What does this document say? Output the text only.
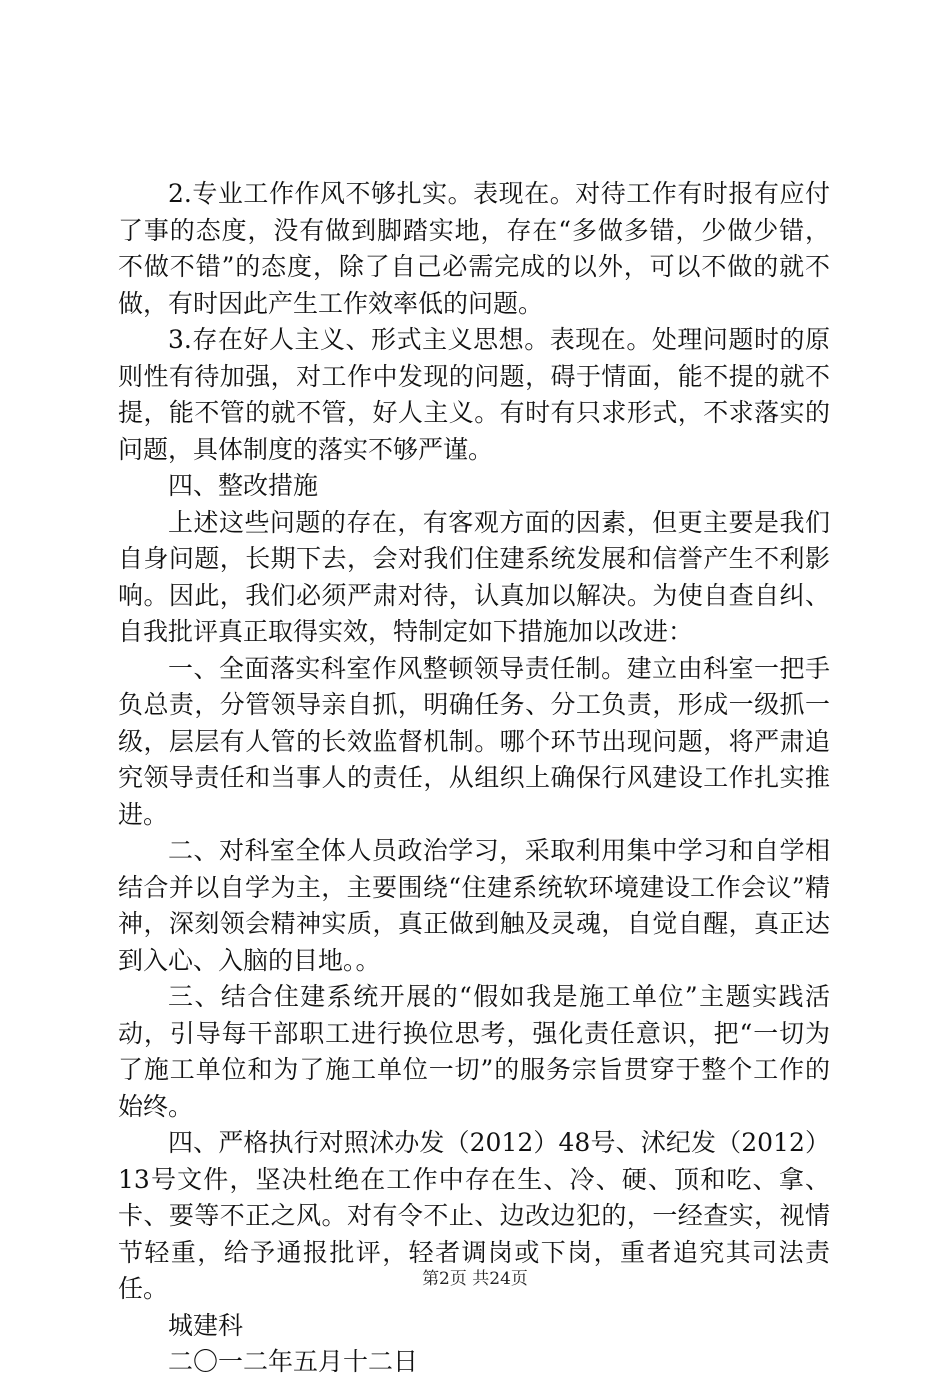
2.专业工作作风不够扎实。表现在。对待工作有时报有应付了事的态度，没有做到脚踏实地，存在“多做多错，少做少错，不做不错”的态度，除了自己必需完成的以外，可以不做的就不做，有时因此产生工作效率低的问题。

3.存在好人主义、形式主义思想。表现在。处理问题时的原则性有待加强，对工作中发现的问题，碍于情面，能不提的就不提，能不管的就不管，好人主义。有时有只求形式，不求落实的问题，具体制度的落实不够严谨。

四、整改措施

上述这些问题的存在，有客观方面的因素，但更主要是我们自身问题，长期下去，会对我们住建系统发展和信誉产生不利影响。因此，我们必须严肃对待，认真加以解决。为使自查自纠、自我批评真正取得实效，特制定如下措施加以改进：

一、全面落实科室作风整顿领导责任制。建立由科室一把手负总责，分管领导亲自抓，明确任务、分工负责，形成一级抓一级，层层有人管的长效监督机制。哪个环节出现问题，将严肃追究领导责任和当事人的责任，从组织上确保行风建设工作扎实推进。

二、对科室全体人员政治学习，采取利用集中学习和自学相结合并以自学为主，主要围绕“住建系统软环境建设工作会议”精神，深刻领会精神实质，真正做到触及灵魂，自觉自醒，真正达到入心、入脑的目地。。

三、结合住建系统开展的“假如我是施工单位”主题实践活动，引导每干部职工进行换位思考，强化责任意识，把“一切为了施工单位和为了施工单位一切”的服务宗旨贯穿于整个工作的始终。

四、严格执行对照沭办发（2012）48号、沭纪发（2012）13号文件，坚决杜绝在工作中存在生、冷、硬、顶和吃、拿、卡、要等不正之风。对有令不止、边改边犯的，一经查实，视情节轻重，给予通报批评，轻者调岗或下岗，重者追究其司法责任。

城建科

二〇一二年五月十二日

第2页 共24页
